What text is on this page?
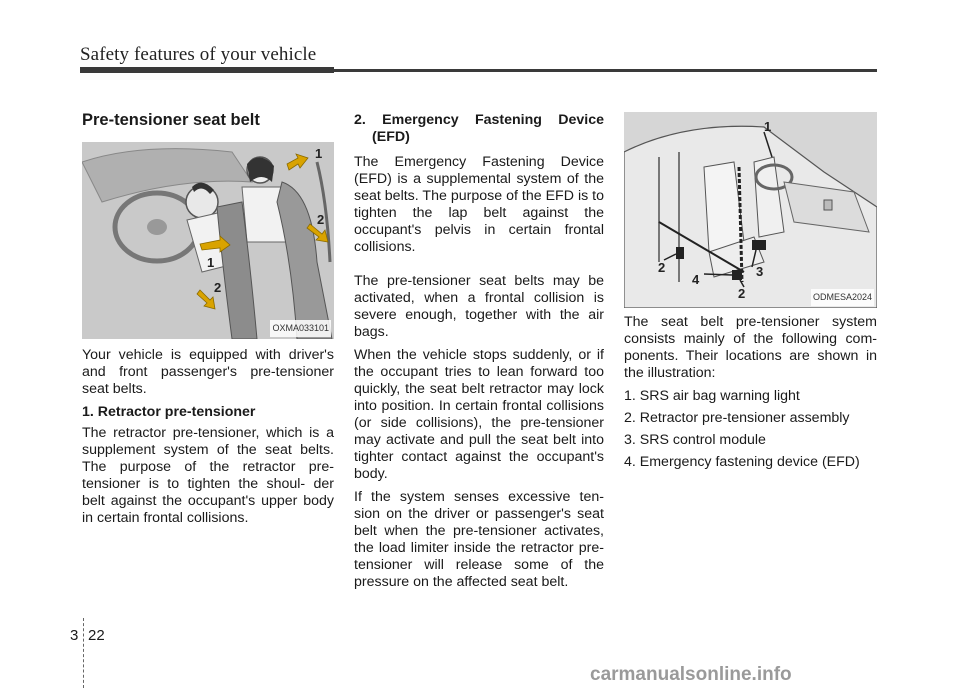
Safety features of your vehicle
Pre-tensioner seat belt
1
2
1
2
OXMA033101

Your vehicle is equipped with driver's and front passenger's pre-tensioner seat belts.

1. Retractor pre-tensioner

The retractor pre-tensioner, which is a supplement system of the seat belts. The purpose of the retractor pre-tensioner is to tighten the shoul- der belt against the occupant's upper body in certain frontal collisions.

2. Emergency Fastening Device (EFD)

The Emergency Fastening Device (EFD) is a supplemental system of the seat belts. The purpose of the EFD is to tighten the lap belt against the occupant's pelvis in certain frontal collisions.

The pre-tensioner seat belts may be activated, when a frontal collision is severe enough, together with the air bags.

When the vehicle stops suddenly, or if the occupant tries to lean forward too quickly, the seat belt retractor may lock into position. In certain frontal collisions (or side collisions), the pre-tensioner may activate and pull the seat belt into tighter contact against the occupant's body.

If the system senses excessive ten- sion on the driver or passenger's seat belt when the pre-tensioner activates, the load limiter inside the retractor pre-tensioner will release some of the pressure on the affected seat belt.

1
2
4
2
3
ODMESA2024

The seat belt pre-tensioner system consists mainly of the following com- ponents. Their locations are shown in the illustration:

1. SRS air bag warning light
2. Retractor pre-tensioner assembly
3. SRS control module
4. Emergency fastening device (EFD)
3 22
carmanualsonline.info
